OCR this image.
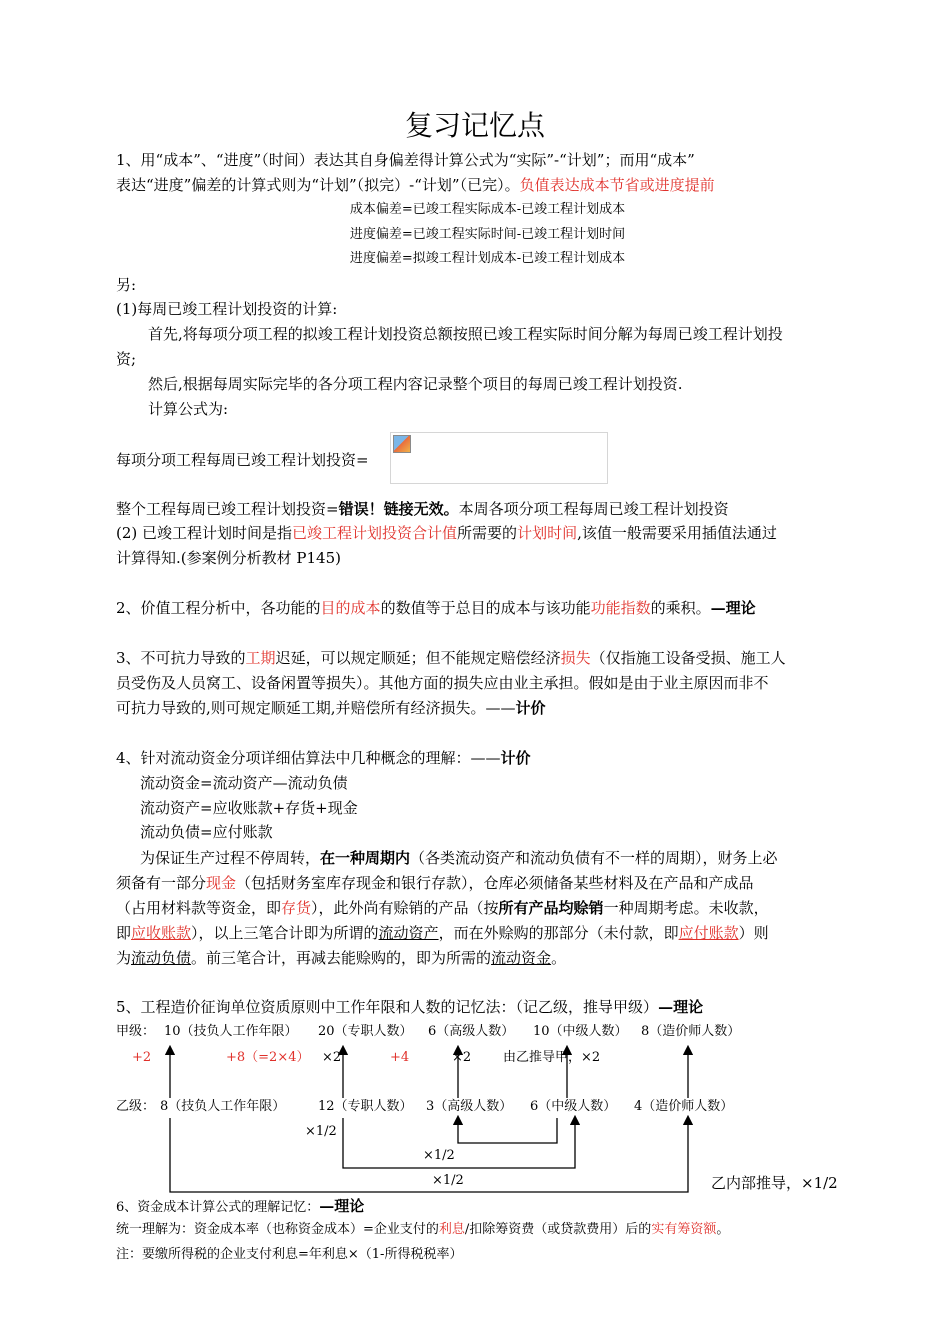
复习记忆点
1、用“成本”、“进度”（时间）表达其自身偏差得计算公式为“实际”-“计划”；而用“成本”
表达“进度”偏差的计算式则为“计划”（拟完）-“计划”（已完）。负值表达成本节省或进度提前
成本偏差=已竣工程实际成本-已竣工程计划成本
进度偏差=已竣工程实际时间-已竣工程计划时间
进度偏差=拟竣工程计划成本-已竣工程计划成本
另:
(1)每周已竣工程计划投资的计算:
首先,将每项分项工程的拟竣工程计划投资总额按照已竣工程实际时间分解为每周已竣工程计划投
资;
然后,根据每周实际完毕的各分项工程内容记录整个项目的每周已竣工程计划投资.
计算公式为:
每项分项工程每周已竣工程计划投资=
整个工程每周已竣工程计划投资=错误！链接无效。本周各项分项工程每周已竣工程计划投资
(2) 已竣工程计划时间是指已竣工程计划投资合计值所需要的计划时间,该值一般需要采用插值法通过
计算得知.(参案例分析教材 P145)
2、价值工程分析中，各功能的目的成本的数值等于总目的成本与该功能功能指数的乘积。—理论
3、不可抗力导致的工期迟延，可以规定顺延；但不能规定赔偿经济损失（仅指施工设备受损、施工人
员受伤及人员窝工、设备闲置等损失）。其他方面的损失应由业主承担。假如是由于业主原因而非不
可抗力导致的,则可规定顺延工期,并赔偿所有经济损失。——计价
4、针对流动资金分项详细估算法中几种概念的理解：——计价
流动资金=流动资产—流动负债
流动资产=应收账款+存货+现金
流动负债=应付账款
为保证生产过程不停周转，在一种周期内（各类流动资产和流动负债有不一样的周期），财务上必
须备有一部分现金（包括财务室库存现金和银行存款），仓库必须储备某些材料及在产品和产成品
（占用材料款等资金，即存货），此外尚有赊销的产品（按所有产品均赊销一种周期考虑。未收款，
即应收账款），以上三笔合计即为所谓的流动资产，而在外赊购的那部分（未付款，即应付账款）则
为流动负债。前三笔合计，再减去能赊购的，即为所需的流动资金。
5、工程造价征询单位资质原则中工作年限和人数的记忆法：（记乙级，推导甲级）—理论
甲级： 10（技负人工作年限） 20（专职人数） 6（高级人数） 10（中级人数） 8（造价师人数）
+2	+8（=2×4） ×2	+4	×2 由乙推导甲，×2
乙级： 8（技负人工作年限）	12（专职人数） 3（高级人数） 6（中级人数） 4（造价师人数）
×1/2
×1/2
×1/2	乙内部推导，×1/2
6、资金成本计算公式的理解记忆：—理论
统一理解为：资金成本率（也称资金成本）=企业支付的利息/扣除筹资费（或贷款费用）后的实有筹资额。
注：要缴所得税的企业支付利息=年利息×（1-所得税税率）
